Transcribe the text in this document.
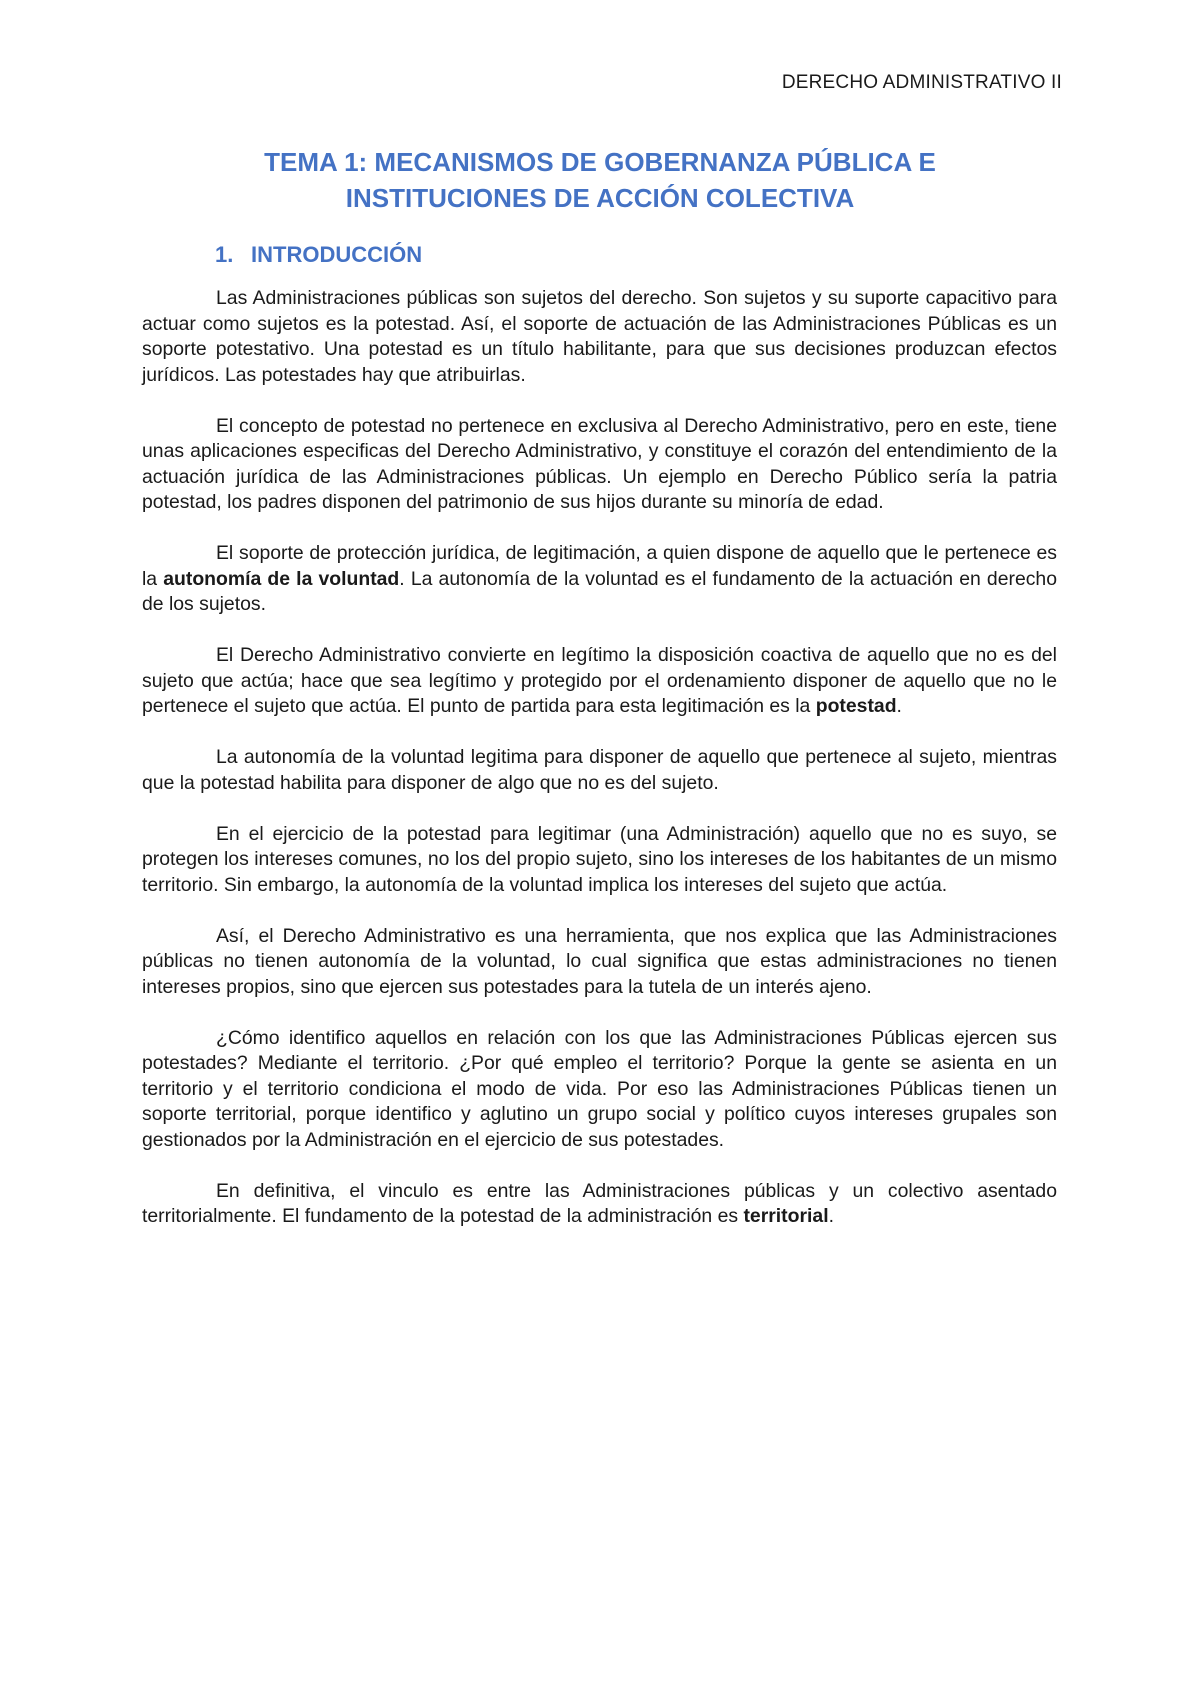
DERECHO ADMINISTRATIVO II
TEMA 1: MECANISMOS DE GOBERNANZA PÚBLICA E
INSTITUCIONES DE ACCIÓN COLECTIVA
1. INTRODUCCIÓN

Las Administraciones públicas son sujetos del derecho. Son sujetos y su suporte capacitivo para actuar como sujetos es la potestad. Así, el soporte de actuación de las Administraciones Públicas es un soporte potestativo. Una potestad es un título habilitante, para que sus decisiones produzcan efectos jurídicos. Las potestades hay que atribuirlas.

El concepto de potestad no pertenece en exclusiva al Derecho Administrativo, pero en este, tiene unas aplicaciones especificas del Derecho Administrativo, y constituye el corazón del entendimiento de la actuación jurídica de las Administraciones públicas. Un ejemplo en Derecho Público sería la patria potestad, los padres disponen del patrimonio de sus hijos durante su minoría de edad.

El soporte de protección jurídica, de legitimación, a quien dispone de aquello que le pertenece es la autonomía de la voluntad. La autonomía de la voluntad es el fundamento de la actuación en derecho de los sujetos.

El Derecho Administrativo convierte en legítimo la disposición coactiva de aquello que no es del sujeto que actúa; hace que sea legítimo y protegido por el ordenamiento disponer de aquello que no le pertenece el sujeto que actúa. El punto de partida para esta legitimación es la potestad.

La autonomía de la voluntad legitima para disponer de aquello que pertenece al sujeto, mientras que la potestad habilita para disponer de algo que no es del sujeto.

En el ejercicio de la potestad para legitimar (una Administración) aquello que no es suyo, se protegen los intereses comunes, no los del propio sujeto, sino los intereses de los habitantes de un mismo territorio. Sin embargo, la autonomía de la voluntad implica los intereses del sujeto que actúa.

Así, el Derecho Administrativo es una herramienta, que nos explica que las Administraciones públicas no tienen autonomía de la voluntad, lo cual significa que estas administraciones no tienen intereses propios, sino que ejercen sus potestades para la tutela de un interés ajeno.

¿Cómo identifico aquellos en relación con los que las Administraciones Públicas ejercen sus potestades? Mediante el territorio. ¿Por qué empleo el territorio? Porque la gente se asienta en un territorio y el territorio condiciona el modo de vida. Por eso las Administraciones Públicas tienen un soporte territorial, porque identifico y aglutino un grupo social y político cuyos intereses grupales son gestionados por la Administración en el ejercicio de sus potestades.

En definitiva, el vinculo es entre las Administraciones públicas y un colectivo asentado territorialmente. El fundamento de la potestad de la administración es territorial.
